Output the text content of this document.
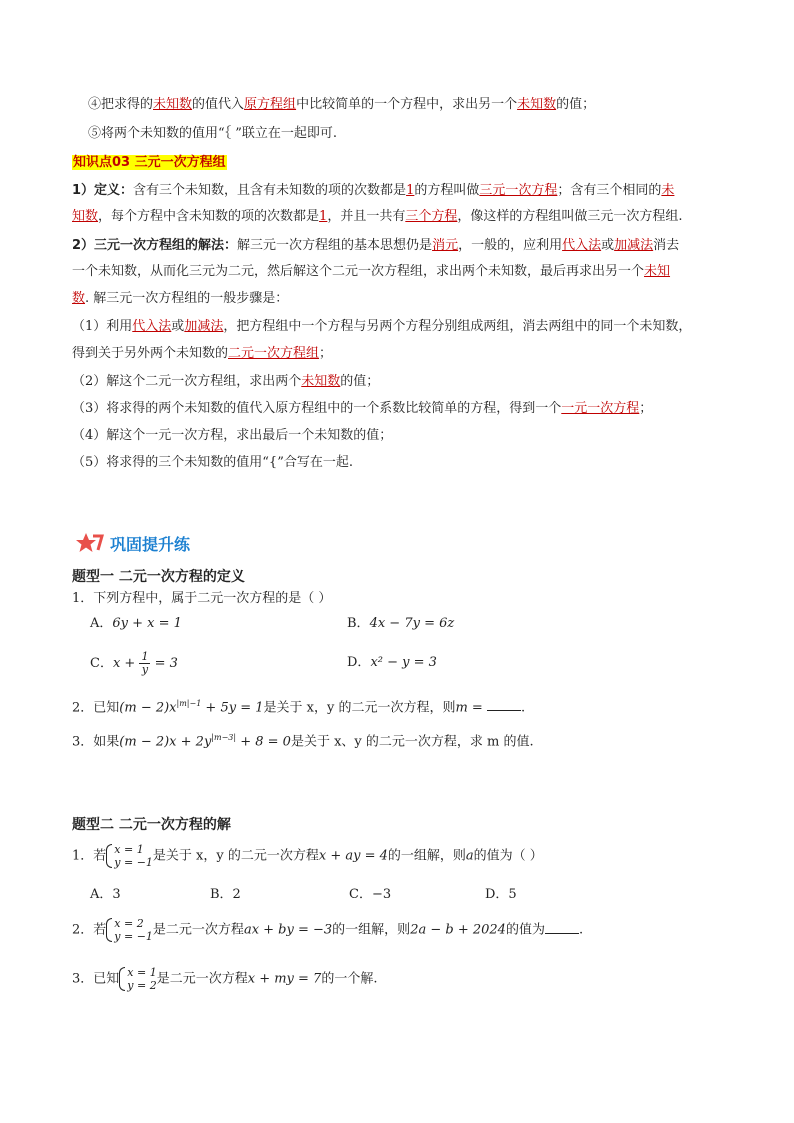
④把求得的未知数的值代入原方程组中比较简单的一个方程中，求出另一个未知数的值；
⑤将两个未知数的值用“｛ ”联立在一起即可.
知识点03 三元一次方程组
1）定义：含有三个未知数，且含有未知数的项的次数都是1的方程叫做三元一次方程；含有三个相同的未
知数，每个方程中含未知数的项的次数都是1，并且一共有三个方程，像这样的方程组叫做三元一次方程组.
2）三元一次方程组的解法：解三元一次方程组的基本思想仍是消元，一般的，应利用代入法或加减法消去
一个未知数，从而化三元为二元，然后解这个二元一次方程组，求出两个未知数，最后再求出另一个未知
数. 解三元一次方程组的一般步骤是：
（1）利用代入法或加减法，把方程组中一个方程与另两个方程分别组成两组，消去两组中的同一个未知数，
得到关于另外两个未知数的二元一次方程组；
（2）解这个二元一次方程组，求出两个未知数的值；
（3）将求得的两个未知数的值代入原方程组中的一个系数比较简单的方程，得到一个一元一次方程；
（4）解这个一元一次方程，求出最后一个未知数的值；
（5）将求得的三个未知数的值用“{”合写在一起.
巩固提升练
题型一 二元一次方程的定义
1．下列方程中，属于二元一次方程的是（ ）
A．6y + x = 1	B．4x − 7y = 6z
C．$x + \frac{1}{y} = 3$	D．x² − y = 3
2．已知$(m - 2)x^{|m|-1} + 5y = 1$是关于 x，y 的二元一次方程，则m =	.
3．如果$(m - 2)x + 2y^{|m-3|} + 8 = 0$是关于 x、y 的二元一次方程，求 m 的值.
题型二 二元一次方程的解
1．若 x = 1
y = −1 是关于 x，y 的二元一次方程x + ay = 4的一组解，则a的值为（ ）
A．3	B．2	C．−3	D．5
2．若 x = 2
y = −1 是二元一次方程ax + by = −3的一组解，则2a − b + 2024的值为	.
3．已知 x = 1
y = 2 是二元一次方程x + my = 7的一个解.
